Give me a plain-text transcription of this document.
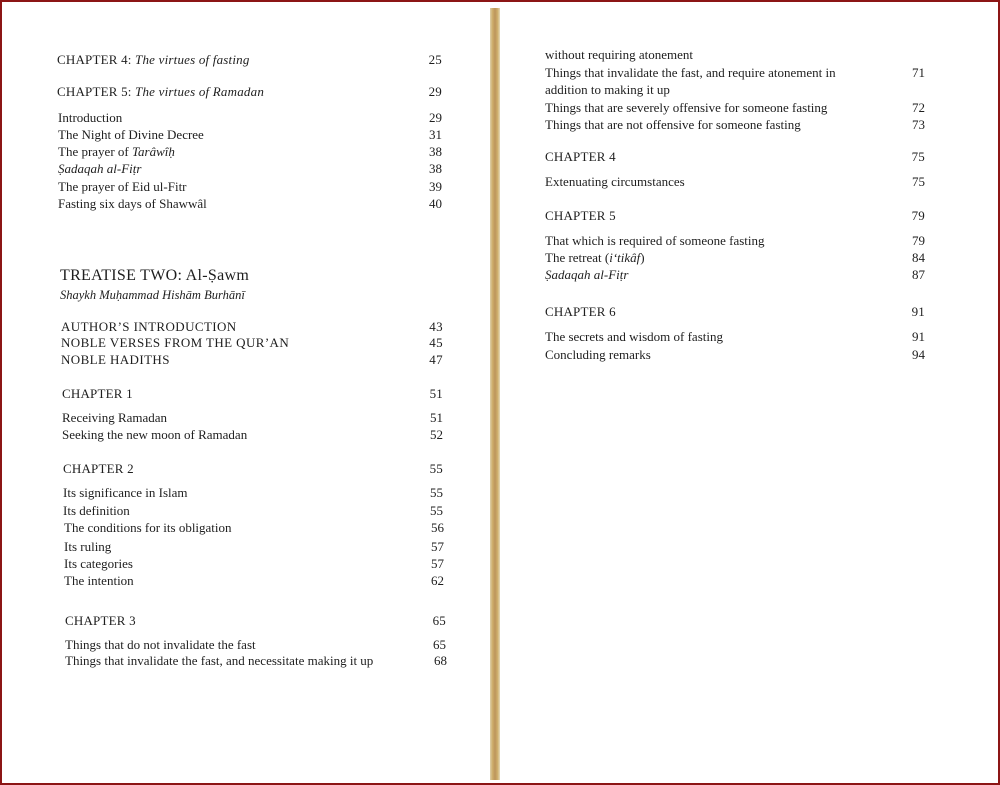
CHAPTER 4: The virtues of fasting	25
CHAPTER 5: The virtues of Ramadan	29
Introduction	29
The Night of Divine Decree	31
The prayer of Tarâwîḥ	38
Ṣadaqah al-Fiṭr	38
The prayer of Eid ul-Fitr	39
Fasting six days of Shawwâl	40
TREATISE TWO: Al-Ṣawm
Shaykh Muḥammad Hishām Burhānī
AUTHOR’S INTRODUCTION	43
NOBLE VERSES FROM THE QUR’AN	45
NOBLE HADITHS	47
CHAPTER 1	51
Receiving Ramadan	51
Seeking the new moon of Ramadan	52
CHAPTER 2	55
Its significance in Islam	55
Its definition	55
The conditions for its obligation	56
Its ruling	57
Its categories	57
The intention	62
CHAPTER 3	65
Things that do not invalidate the fast	65
Things that invalidate the fast, and necessitate making it up	68
without requiring atonement
Things that invalidate the fast, and require atonement in	71
addition to making it up
Things that are severely offensive for someone fasting	72
Things that are not offensive for someone fasting	73
CHAPTER 4	75
Extenuating circumstances	75
CHAPTER 5	79
That which is required of someone fasting	79
The retreat (i‘tikâf)	84
Ṣadaqah al-Fiṭr	87
CHAPTER 6	91
The secrets and wisdom of fasting	91
Concluding remarks	94
